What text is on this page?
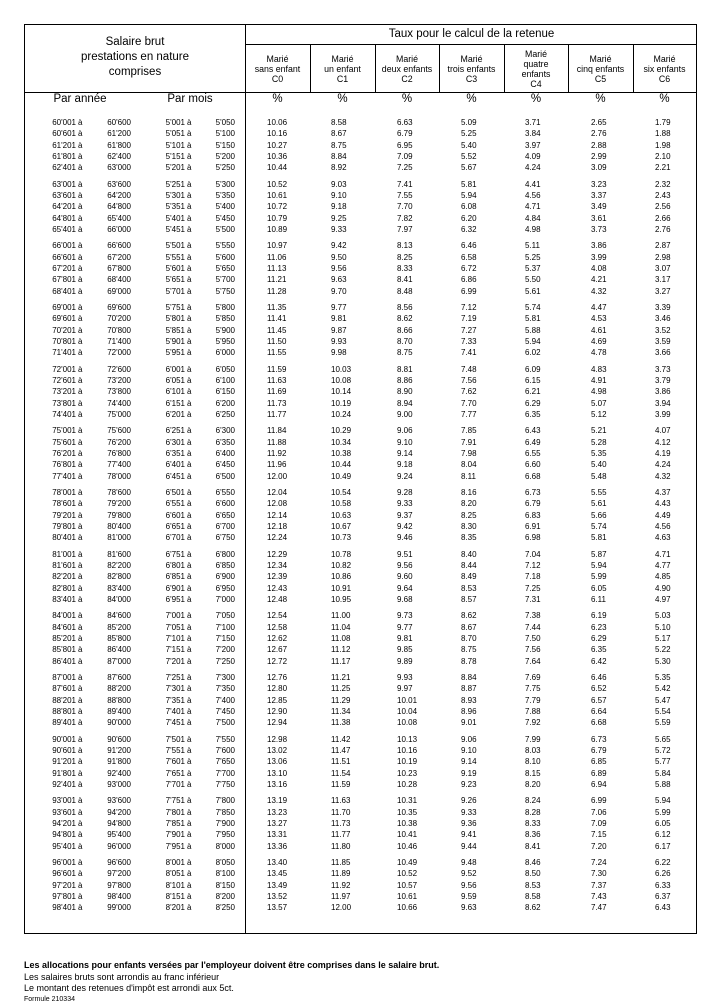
Salaire brut
prestations en nature
comprises
Taux pour le calcul de la retenue
Marié
sans enfant
C0
Marié
un enfant
C1
Marié
deux enfants
C2
Marié
trois enfants
C3
Marié
quatre
enfants
C4
Marié
cinq enfants
C5
Marié
six enfants
C6
Par année	Par mois	%	%	%	%	%	%	%
60'001 à	60'600	5'001 à	5'050	10.06	8.58	6.63	5.09	3.71	2.65	1.79
60'601 à	61'200	5'051 à	5'100	10.16	8.67	6.79	5.25	3.84	2.76	1.88
61'201 à	61'800	5'101 à	5'150	10.27	8.75	6.95	5.40	3.97	2.88	1.98
61'801 à	62'400	5'151 à	5'200	10.36	8.84	7.09	5.52	4.09	2.99	2.10
62'401 à	63'000	5'201 à	5'250	10.44	8.92	7.25	5.67	4.24	3.09	2.21
63'001 à	63'600	5'251 à	5'300	10.52	9.03	7.41	5.81	4.41	3.23	2.32
63'601 à	64'200	5'301 à	5'350	10.61	9.10	7.55	5.94	4.56	3.37	2.43
64'201 à	64'800	5'351 à	5'400	10.72	9.18	7.70	6.08	4.71	3.49	2.56
64'801 à	65'400	5'401 à	5'450	10.79	9.25	7.82	6.20	4.84	3.61	2.66
65'401 à	66'000	5'451 à	5'500	10.89	9.33	7.97	6.32	4.98	3.73	2.76
66'001 à	66'600	5'501 à	5'550	10.97	9.42	8.13	6.46	5.11	3.86	2.87
66'601 à	67'200	5'551 à	5'600	11.06	9.50	8.25	6.58	5.25	3.99	2.98
67'201 à	67'800	5'601 à	5'650	11.13	9.56	8.33	6.72	5.37	4.08	3.07
67'801 à	68'400	5'651 à	5'700	11.21	9.63	8.41	6.86	5.50	4.21	3.17
68'401 à	69'000	5'701 à	5'750	11.28	9.70	8.48	6.99	5.61	4.32	3.27
69'001 à	69'600	5'751 à	5'800	11.35	9.77	8.56	7.12	5.74	4.47	3.39
69'601 à	70'200	5'801 à	5'850	11.41	9.81	8.62	7.19	5.81	4.53	3.46
70'201 à	70'800	5'851 à	5'900	11.45	9.87	8.66	7.27	5.88	4.61	3.52
70'801 à	71'400	5'901 à	5'950	11.50	9.93	8.70	7.33	5.94	4.69	3.59
71'401 à	72'000	5'951 à	6'000	11.55	9.98	8.75	7.41	6.02	4.78	3.66
72'001 à	72'600	6'001 à	6'050	11.59	10.03	8.81	7.48	6.09	4.83	3.73
72'601 à	73'200	6'051 à	6'100	11.63	10.08	8.86	7.56	6.15	4.91	3.79
73'201 à	73'800	6'101 à	6'150	11.69	10.14	8.90	7.62	6.21	4.98	3.86
73'801 à	74'400	6'151 à	6'200	11.73	10.19	8.94	7.70	6.29	5.07	3.94
74'401 à	75'000	6'201 à	6'250	11.77	10.24	9.00	7.77	6.35	5.12	3.99
75'001 à	75'600	6'251 à	6'300	11.84	10.29	9.06	7.85	6.43	5.21	4.07
75'601 à	76'200	6'301 à	6'350	11.88	10.34	9.10	7.91	6.49	5.28	4.12
76'201 à	76'800	6'351 à	6'400	11.92	10.38	9.14	7.98	6.55	5.35	4.19
76'801 à	77'400	6'401 à	6'450	11.96	10.44	9.18	8.04	6.60	5.40	4.24
77'401 à	78'000	6'451 à	6'500	12.00	10.49	9.24	8.11	6.68	5.48	4.32
78'001 à	78'600	6'501 à	6'550	12.04	10.54	9.28	8.16	6.73	5.55	4.37
78'601 à	79'200	6'551 à	6'600	12.08	10.58	9.33	8.20	6.79	5.61	4.43
79'201 à	79'800	6'601 à	6'650	12.14	10.63	9.37	8.25	6.83	5.66	4.49
79'801 à	80'400	6'651 à	6'700	12.18	10.67	9.42	8.30	6.91	5.74	4.56
80'401 à	81'000	6'701 à	6'750	12.24	10.73	9.46	8.35	6.98	5.81	4.63
81'001 à	81'600	6'751 à	6'800	12.29	10.78	9.51	8.40	7.04	5.87	4.71
81'601 à	82'200	6'801 à	6'850	12.34	10.82	9.56	8.44	7.12	5.94	4.77
82'201 à	82'800	6'851 à	6'900	12.39	10.86	9.60	8.49	7.18	5.99	4.85
82'801 à	83'400	6'901 à	6'950	12.43	10.91	9.64	8.53	7.25	6.05	4.90
83'401 à	84'000	6'951 à	7'000	12.48	10.95	9.68	8.57	7.31	6.11	4.97
84'001 à	84'600	7'001 à	7'050	12.54	11.00	9.73	8.62	7.38	6.19	5.03
84'601 à	85'200	7'051 à	7'100	12.58	11.04	9.77	8.67	7.44	6.23	5.10
85'201 à	85'800	7'101 à	7'150	12.62	11.08	9.81	8.70	7.50	6.29	5.17
85'801 à	86'400	7'151 à	7'200	12.67	11.12	9.85	8.75	7.56	6.35	5.22
86'401 à	87'000	7'201 à	7'250	12.72	11.17	9.89	8.78	7.64	6.42	5.30
87'001 à	87'600	7'251 à	7'300	12.76	11.21	9.93	8.84	7.69	6.46	5.35
87'601 à	88'200	7'301 à	7'350	12.80	11.25	9.97	8.87	7.75	6.52	5.42
88'201 à	88'800	7'351 à	7'400	12.85	11.29	10.01	8.93	7.79	6.57	5.47
88'801 à	89'400	7'401 à	7'450	12.90	11.34	10.04	8.96	7.88	6.64	5.54
89'401 à	90'000	7'451 à	7'500	12.94	11.38	10.08	9.01	7.92	6.68	5.59
90'001 à	90'600	7'501 à	7'550	12.98	11.42	10.13	9.06	7.99	6.73	5.65
90'601 à	91'200	7'551 à	7'600	13.02	11.47	10.16	9.10	8.03	6.79	5.72
91'201 à	91'800	7'601 à	7'650	13.06	11.51	10.19	9.14	8.10	6.85	5.77
91'801 à	92'400	7'651 à	7'700	13.10	11.54	10.23	9.19	8.15	6.89	5.84
92'401 à	93'000	7'701 à	7'750	13.16	11.59	10.28	9.23	8.20	6.94	5.88
93'001 à	93'600	7'751 à	7'800	13.19	11.63	10.31	9.26	8.24	6.99	5.94
93'601 à	94'200	7'801 à	7'850	13.23	11.70	10.35	9.33	8.28	7.06	5.99
94'201 à	94'800	7'851 à	7'900	13.27	11.73	10.38	9.36	8.33	7.09	6.05
94'801 à	95'400	7'901 à	7'950	13.31	11.77	10.41	9.41	8.36	7.15	6.12
95'401 à	96'000	7'951 à	8'000	13.36	11.80	10.46	9.44	8.41	7.20	6.17
96'001 à	96'600	8'001 à	8'050	13.40	11.85	10.49	9.48	8.46	7.24	6.22
96'601 à	97'200	8'051 à	8'100	13.45	11.89	10.52	9.52	8.50	7.30	6.26
97'201 à	97'800	8'101 à	8'150	13.49	11.92	10.57	9.56	8.53	7.37	6.33
97'801 à	98'400	8'151 à	8'200	13.52	11.97	10.61	9.59	8.58	7.43	6.37
98'401 à	99'000	8'201 à	8'250	13.57	12.00	10.66	9.63	8.62	7.47	6.43
Les allocations pour enfants versées par l'employeur doivent être comprises dans le salaire brut.
Les salaires bruts sont arrondis au franc inférieur
Le montant des retenues d'impôt est arrondi aux 5ct.
Formule 210334
